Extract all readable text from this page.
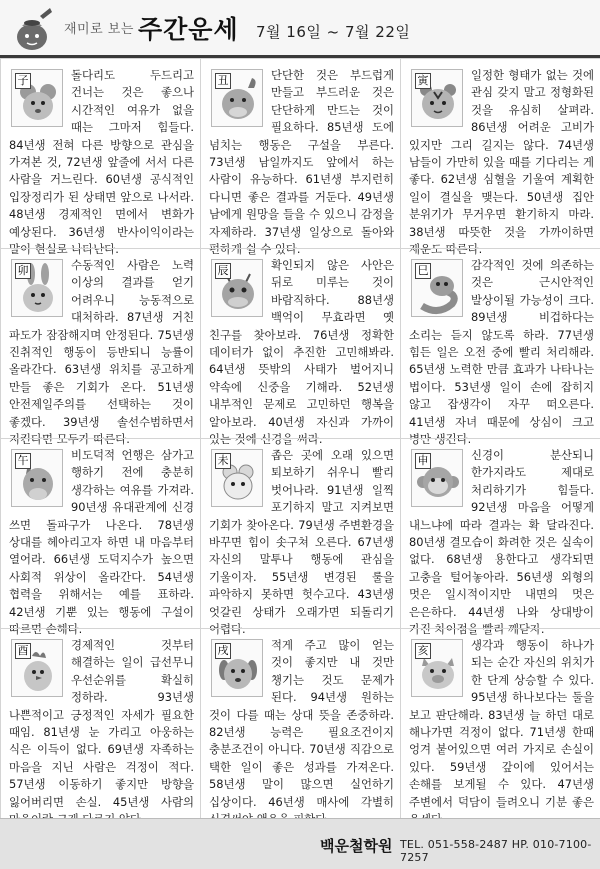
재미로 보는 주간운세 7월 16일 ~ 7월 22일
子	돌다리도 두드리고 건너는 것은 좋으나 시간적인 여유가 없을 때는 그마저 힘들다. 84년생 전혀 다른 방향으로 관심을 가져본 것, 72년생 앞줄에 서서 다른 사람을 거느린다. 60년생 공식적인 입장정리가 된 상태면 앞으로 나서라. 48년생 경제적인 면에서 변화가 예상된다. 36년생 반사이익이라는 말이 현실로 나타난다.

丑	단단한 것은 부드럽게 만들고 부드러운 것은 단단하게 만드는 것이 필요하다. 85년생 도에 넘치는 행동은 구설을 부른다. 73년생 남일까지도 앞에서 하는 사람이 유능하다. 61년생 부지런히 다니면 좋은 결과를 거둔다. 49년생 남에게 원망을 들을 수 있으니 감정을 자제하라. 37년생 일상으로 돌아와 편하게 쉴 수 있다.

寅	일정한 형태가 없는 것에 관심 갖지 말고 정형화된 것을 유심히 살펴라. 86년생 어려운 고비가 있지만 그리 길지는 않다. 74년생 남들이 가만히 있을 때를 기다리는 게 좋다. 62년생 심혈을 기울여 계획한 일이 결실을 맺는다. 50년생 집안 분위기가 무거우면 환기하지 마라. 38년생 따뜻한 것을 가까이하면 재운도 따른다.

卯	수동적인 사람은 노력 이상의 결과를 얻기 어려우니 능동적으로 대처하라. 87년생 거친 파도가 잠잠해지며 안정된다. 75년생 진취적인 행동이 등반되니 능률이 올라간다. 63년생 위치를 공고하게 만들 좋은 기회가 온다. 51년생 안전제일주의를 선택하는 것이 좋겠다. 39년생 솔선수범하면서 지킨다면 모두가 따른다.

辰	확인되지 않은 사안은 뒤로 미루는 것이 바람직하다. 88년생 백억이 무효라면 옛 친구를 찾아보라. 76년생 정확한 데이터가 없이 추진한 고민해봐라. 64년생 뜻밖의 사태가 벌어지니 약속에 신중을 기해라. 52년생 내부적인 문제로 고민하던 행복을 알아보라. 40년생 자신과 가까이 있는 것에 신경을 써라.

巳	감각적인 것에 의존하는 것은 근시안적인 발상이될 가능성이 크다. 89년생 비겁하다는 소리는 듣지 않도록 하라. 77년생 힘든 일은 오전 중에 빨리 처리해라. 65년생 노력한 만큼 효과가 나타나는 법이다. 53년생 일이 손에 잡히지 않고 잡생각이 자꾸 떠오른다. 41년생 자녀 때문에 상심이 크고 병만 생긴다.

午	비도덕적 언행은 삼가고 행하기 전에 충분히 생각하는 여유를 가져라. 90년생 유대관계에 신경 쓰면 돌파구가 나온다. 78년생 상대를 헤아리고자 하면 내 마음부터 열어라. 66년생 도덕지수가 높으면 사회적 위상이 올라간다. 54년생 협력을 위해서는 예를 표하라. 42년생 기뿐 있는 행동에 구설이 따르면 손해다.

未	좁은 곳에 오래 있으면 퇴보하기 쉬우니 빨리 벗어나라. 91년생 일찍 포기하지 말고 지켜보면 기회가 찾아온다. 79년생 주변환경을 바꾸면 힘이 솟구쳐 오른다. 67년생 자신의 말투나 행동에 관심을 기울이자. 55년생 변경된 룰을 파악하지 못하면 헛수고다. 43년생 엇갈린 상태가 오래가면 되돌리기 어렵다.

申	신경이 분산되니 한가지라도 제대로 처리하기가 힘들다. 92년생 마음을 어떻게 내느냐에 따라 결과는 확 달라진다. 80년생 결모습이 화려한 것은 실속이 없다. 68년생 용한다고 생각되면 고충을 털어놓아라. 56년생 외형의 멋은 일시적이지만 내면의 멋은 은은하다. 44년생 나와 상대방이 가진 차이점을 빨리 깨닫자.

酉	경제적인 것부터 해결하는 일이 급선무니 우선순위를 확실히 정하라. 93년생 나쁜적이고 긍정적인 자세가 필요한 때임. 81년생 눈 가리고 아웅하는 식은 이득이 없다. 69년생 자족하는 마음을 지닌 사람은 걱정이 적다. 57년생 이동하기 좋지만 방향을 잃어버리면 손실. 45년생 사람의

戌	적게 주고 많이 얻는 것이 좋지만 내 것만 챙기는 것도 문제가 된다. 94년생 원하는 것이 다를 때는 상대 뜻을 존중하라. 82년생 능력은 필요조건이지 충분조건이 아니다. 70년생 직감으로 택한 일이 좋은 성과를 가져온다. 58년생 말이 많으면 실언하기 십상이다. 46년생 매사에 각별히

亥	생각과 행동이 하나가 되는 순간 자신의 위치가 한 단계 상승할 수 있다. 95년생 하나보다는 둘을 보고 판단해라. 83년생 늘 하던 대로 해나가면 걱정이 없다. 71년생 한때 엉겨 붙어있으면 여러 가지로 손실이 있다. 59년생 갚이에 있어서는 손해를 보게될 수 있다. 47년생 주변에서 덕담이 들려오니 기분 좋은

백운철학원 TEL. 051-558-2487 HP. 010-7100-7257
